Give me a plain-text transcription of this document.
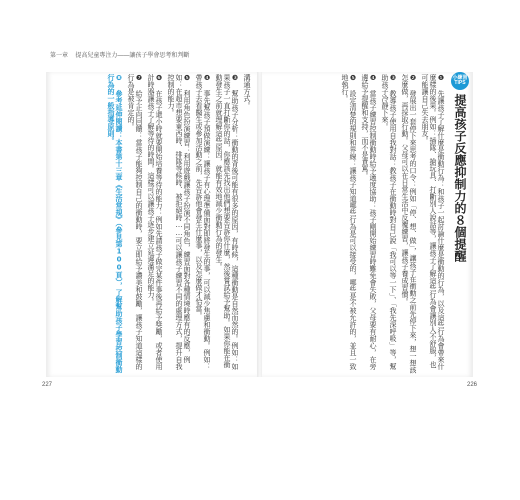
第一章 提高兒童專注力——讓孩子學會思考和判斷
溝通方式。
❸ 幫助孩子分析：衝動的背後可能有很多的原因，有時候，這種衝動是自然而然的。例如：如果孩子一直打斷你的話，你應該先找出他們想要告訴你什麼，然後嘗試給予幫助。如果你能在衝動發生之前就理解這些原因，就能有效地減少衝動行為的發生。
❹ 事先幫孩子預做演練：讓孩子有心理準備面對即將發生的事，可以減少焦慮和衝動。例如：帶孩子去看醫生或參加活動之前，先告訴他會發生什麼事，以及怎麼做才恰當。
❺ 利用角色扮演練習：利用遊戲讓孩子扮演不同角色，練習面對各種情境時應有的反應，例如：在超市想要東西時、排隊等候時、被拒絕時……可以讓孩子練習不同的處理方式，提升自我控制的能力。
❻ 在孩子還小時就要開始培養等待的能力：例如先請孩子做完某件事後再給予獎勵，或者使用計時器讓孩子了解等待的時間。這樣可以讓孩子逐步建立延遲滿足的能力。
❼ 給予正向回饋：當孩子能夠控制自己的衝動時，要立即給予讚美和鼓勵，讓孩子知道這樣的行為是被肯定的。
❽ 參考延伸閱讀：本書第十三章《生活常規》（參見第100頁），了解幫助孩子學習控制衝動行為的一般指導原則。
227
小練習
TIPS
提高孩子反應抑制力的８個提醒
❶ 先讓孩子了解什麼是衝動行為：和孩子一起討論什麼是衝動的行為，以及這些行為會帶來什麼樣的後果。例如：插隊、搶玩具、打斷別人說話等，讓孩子了解這些行為會讓別人不舒服，也可能讓自己失去朋友。
❷ 發展出一套停下來思考的口令：例如「停、想、做」，讓孩子在衝動之前先停下來，想一想該怎麼做，再採取行動。父母可以在日常生活中反覆練習，讓孩子養成習慣。
❸ 教導孩子使用自我對話：教孩子在衝動時對自己說「我可以等一下」、「我先深呼吸」等，幫助孩子冷靜下來。
❹ 當孩子練習控制衝動時給予適度協助：孩子剛開始練習時難免會失敗，父母要有耐心，在旁邊給予提醒和支持，而不是責罵。
❺ 設定清楚的規則和界線：讓孩子知道哪些行為是可以接受的，哪些是不被允許的，並且一致地執行。
226
